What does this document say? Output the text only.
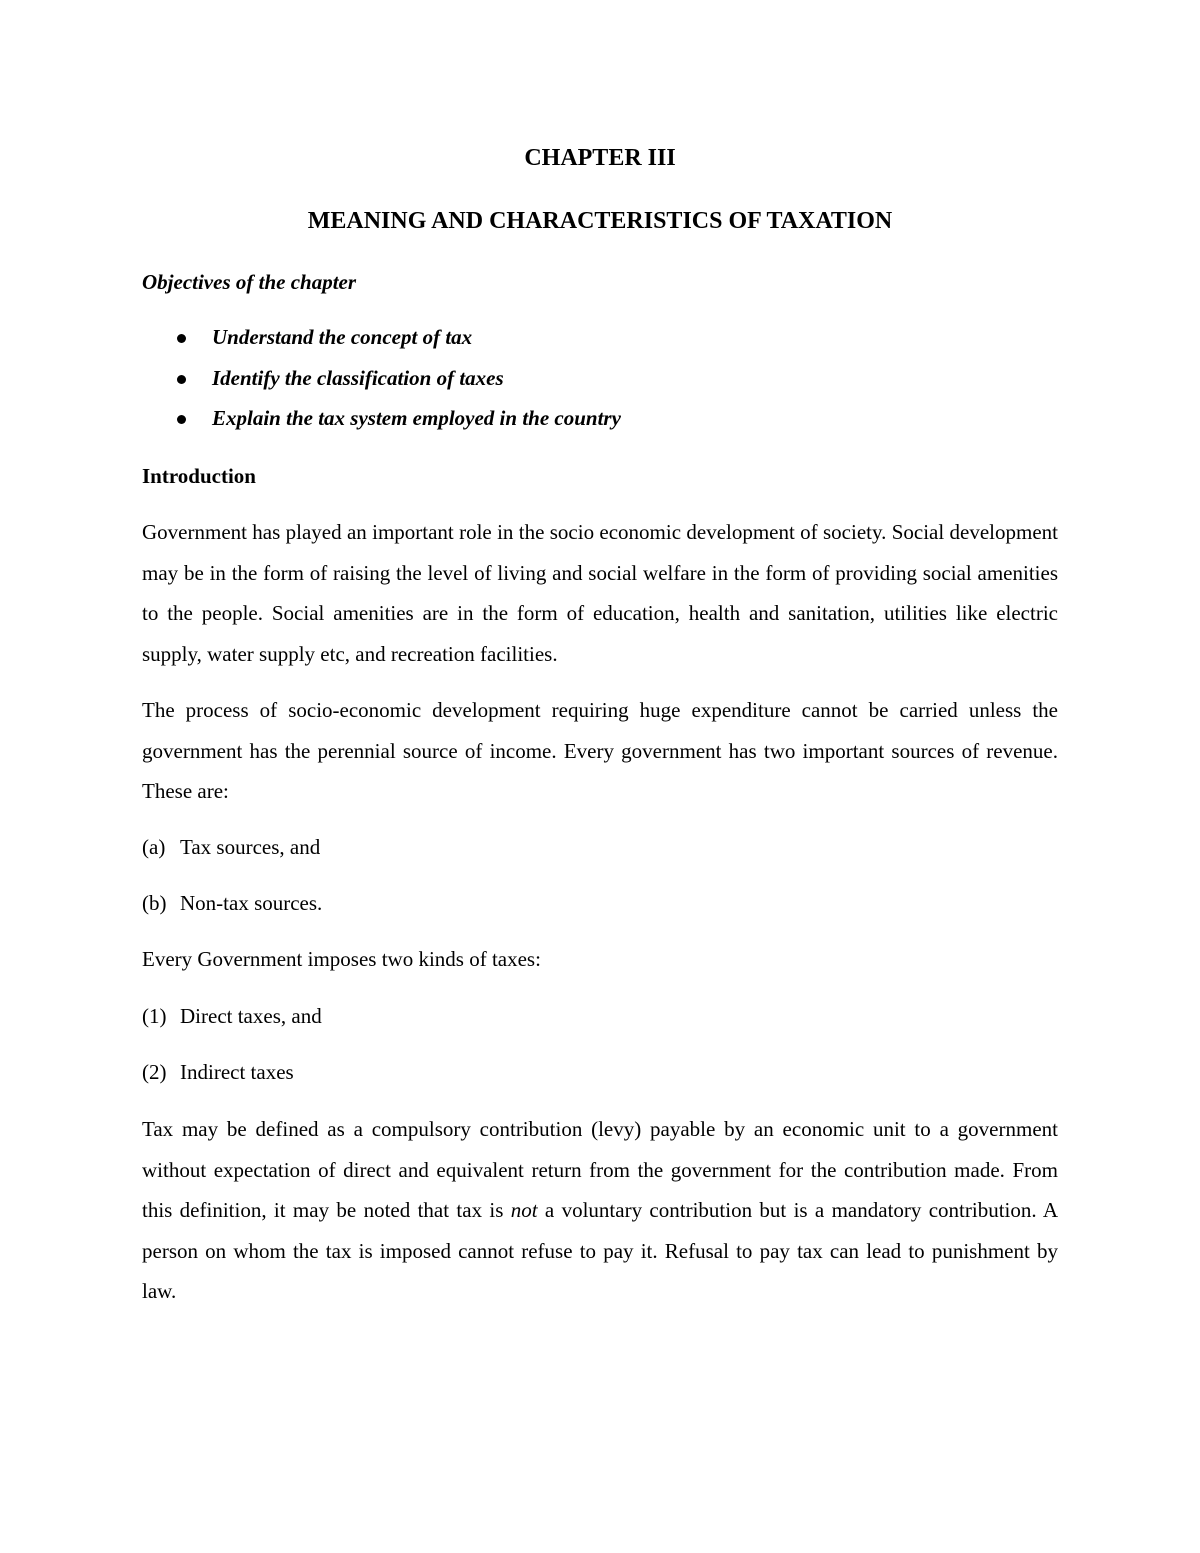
CHAPTER III
MEANING AND CHARACTERISTICS OF TAXATION
Objectives of the chapter
Understand the concept of tax
Identify the classification of taxes
Explain the tax system employed in the country
Introduction

Government has played an important role in the socio economic development of society. Social development may be in the form of raising the level of living and social welfare in the form of providing social amenities to the people. Social amenities are in the form of education, health and sanitation, utilities like electric supply, water supply etc, and recreation facilities.

The process of socio-economic development requiring huge expenditure cannot be carried unless the government has the perennial source of income. Every government has two important sources of revenue. These are:

(a) Tax sources, and
(b) Non-tax sources.
Every Government imposes two kinds of taxes:
(1) Direct taxes, and
(2) Indirect taxes

Tax may be defined as a compulsory contribution (levy) payable by an economic unit to a government without expectation of direct and equivalent return from the government for the contribution made. From this definition, it may be noted that tax is not a voluntary contribution but is a mandatory contribution. A person on whom the tax is imposed cannot refuse to pay it. Refusal to pay tax can lead to punishment by law.
